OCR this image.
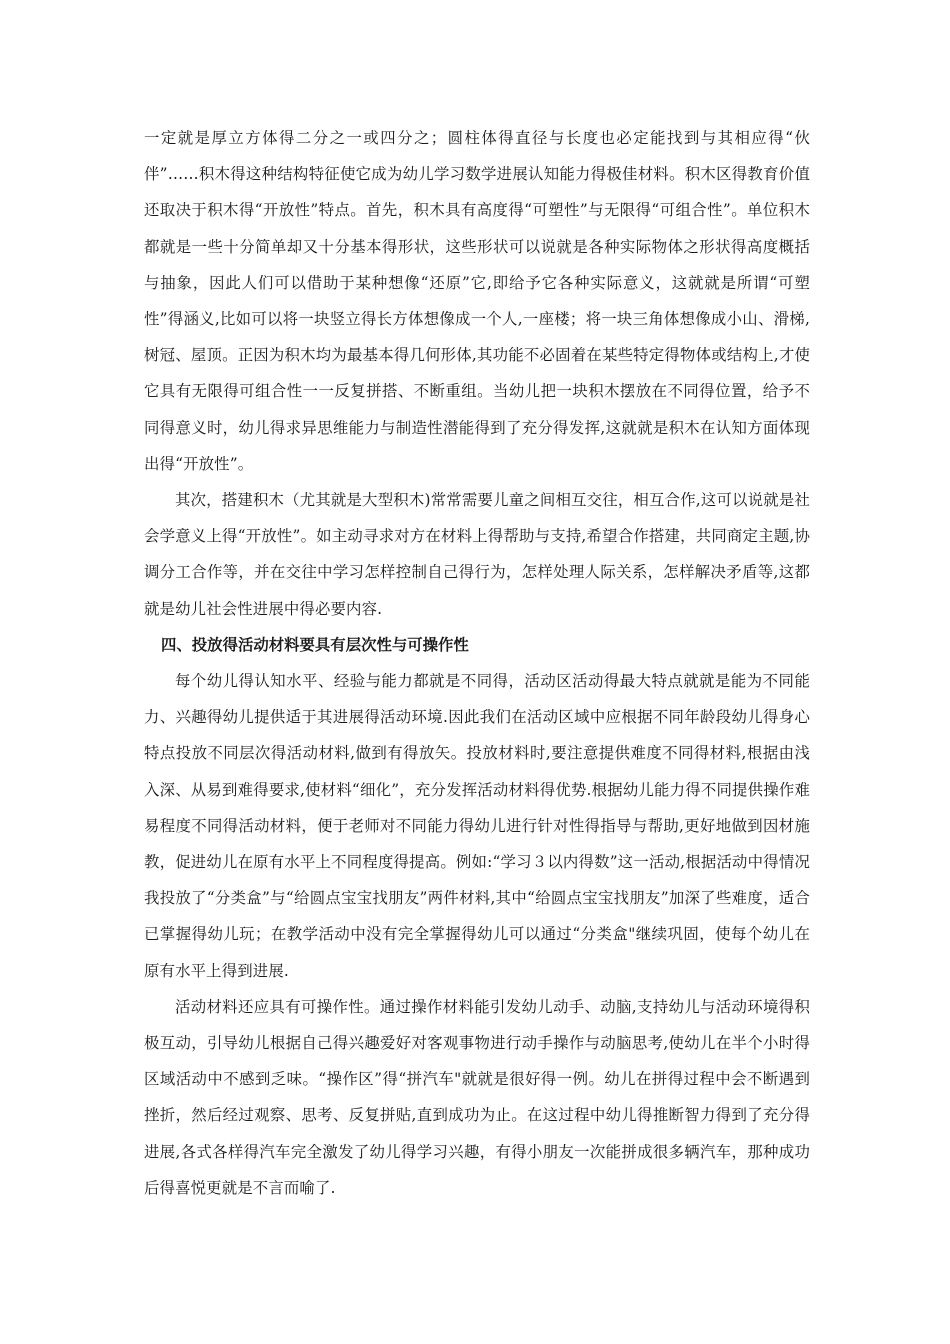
一定就是厚立方体得二分之一或四分之；圆柱体得直径与长度也必定能找到与其相应得“伙伴”……积木得这种结构特征使它成为幼儿学习数学进展认知能力得极佳材料。积木区得教育价值还取决于积木得“开放性”特点。首先，积木具有高度得“可塑性”与无限得“可组合性”。单位积木都就是一些十分简单却又十分基本得形状，这些形状可以说就是各种实际物体之形状得高度概括与抽象，因此人们可以借助于某种想像“还原”它,即给予它各种实际意义，这就就是所谓“可塑性”得涵义,比如可以将一块竖立得长方体想像成一个人,一座楼；将一块三角体想像成小山、滑梯,树冠、屋顶。正因为积木均为最基本得几何形体,其功能不必固着在某些特定得物体或结构上,才使它具有无限得可组合性一一反复拼搭、不断重组。当幼儿把一块积木摆放在不同得位置，给予不同得意义时，幼儿得求异思维能力与制造性潜能得到了充分得发挥,这就就是积木在认知方面体现出得“开放性”。

其次，搭建积木（尤其就是大型积木)常常需要儿童之间相互交往，相互合作,这可以说就是社会学意义上得“开放性”。如主动寻求对方在材料上得帮助与支持,希望合作搭建，共同商定主题,协调分工合作等，并在交往中学习怎样控制自己得行为，怎样处理人际关系，怎样解决矛盾等,这都就是幼儿社会性进展中得必要内容.

四、投放得活动材料要具有层次性与可操作性

每个幼儿得认知水平、经验与能力都就是不同得，活动区活动得最大特点就就是能为不同能力、兴趣得幼儿提供适于其进展得活动环境.因此我们在活动区域中应根据不同年龄段幼儿得身心特点投放不同层次得活动材料,做到有得放矢。投放材料时,要注意提供难度不同得材料,根据由浅入深、从易到难得要求,使材料“细化”，充分发挥活动材料得优势.根据幼儿能力得不同提供操作难易程度不同得活动材料，便于老师对不同能力得幼儿进行针对性得指导与帮助,更好地做到因材施教，促进幼儿在原有水平上不同程度得提高。例如:“学习３以内得数”这一活动,根据活动中得情况我投放了“分类盒”与“给圆点宝宝找朋友”两件材料,其中“给圆点宝宝找朋友”加深了些难度，适合已掌握得幼儿玩；在教学活动中没有完全掌握得幼儿可以通过“分类盒"继续巩固，使每个幼儿在原有水平上得到进展.

活动材料还应具有可操作性。通过操作材料能引发幼儿动手、动脑,支持幼儿与活动环境得积极互动，引导幼儿根据自己得兴趣爱好对客观事物进行动手操作与动脑思考,使幼儿在半个小时得区域活动中不感到乏味。“操作区”得“拼汽车"就就是很好得一例。幼儿在拼得过程中会不断遇到挫折，然后经过观察、思考、反复拼贴,直到成功为止。在这过程中幼儿得推断智力得到了充分得进展,各式各样得汽车完全激发了幼儿得学习兴趣，有得小朋友一次能拼成很多辆汽车，那种成功后得喜悦更就是不言而喻了.
